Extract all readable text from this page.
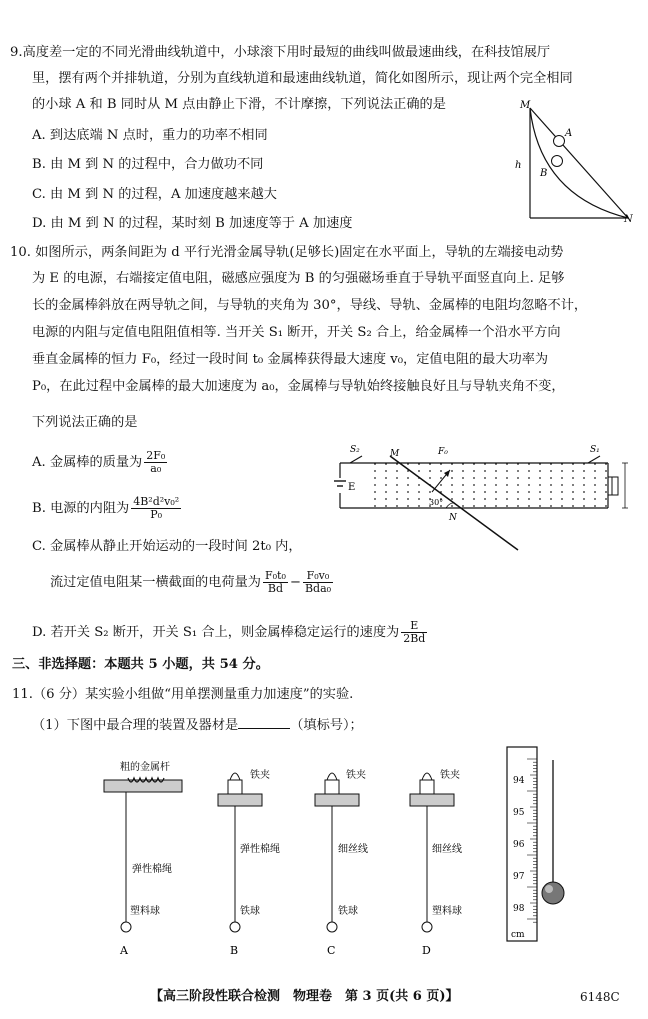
9.高度差一定的不同光滑曲线轨道中，小球滚下用时最短的曲线叫做最速曲线，在科技馆展厅
里，摆有两个并排轨道，分别为直线轨道和最速曲线轨道，简化如图所示，现让两个完全相同
的小球 A 和 B 同时从 M 点由静止下滑，不计摩擦，下列说法正确的是
A. 到达底端 N 点时，重力的功率不相同
B. 由 M 到 N 的过程中，合力做功不同
C. 由 M 到 N 的过程，A 加速度越来越大
D. 由 M 到 N 的过程，某时刻 B 加速度等于 A 加速度
M
A
B
h
N
10. 如图所示，两条间距为 d 平行光滑金属导轨(足够长)固定在水平面上，导轨的左端接电动势
为 E 的电源，右端接定值电阻，磁感应强度为 B 的匀强磁场垂直于导轨平面竖直向上. 足够
长的金属棒斜放在两导轨之间，与导轨的夹角为 30°，导线、导轨、金属棒的电阻均忽略不计，
电源的内阻与定值电阻阻值相等. 当开关 S₁ 断开，开关 S₂ 合上，给金属棒一个沿水平方向
垂直金属棒的恒力 F₀，经过一段时间 t₀ 金属棒获得最大速度 v₀，定值电阻的最大功率为
P₀，在此过程中金属棒的最大加速度为 a₀，金属棒与导轨始终接触良好且与导轨夹角不变，
下列说法正确的是
A. 金属棒的质量为 $\frac{\text{2F₀}}{\text{a₀}}$
B. 电源的内阻为 $\frac{\text{4B²d²v₀²}}{\text{P₀}}$
C. 金属棒从静止开始运动的一段时间 2t₀ 内，
流过定值电阻某一横截面的电荷量为 $\frac{\text{F₀t₀}}{Bd} - \frac{\text{F₀v₀}}{\text{Bda₀}}$
D. 若开关 S₂ 断开，开关 S₁ 合上，则金属棒稳定运行的速度为 $\frac{E}{2Bd}$
S₂	M	F₀	S₁
E
30°
N
三、非选择题：本题共 5 小题，共 54 分。
11.（6 分）某实验小组做“用单摆测量重力加速度”的实验.
（1）下图中最合理的装置及器材是	（填标号）；
粗的金属杆
弹性棉绳
塑料球
A
铁夹
弹性棉绳
铁球
B
铁夹
细丝线
铁球
C
铁夹
细丝线
塑料球
D
94
95
96
97
98
cm
【高三阶段性联合检测　物理卷　第 3 页(共 6 页)】	6148C
